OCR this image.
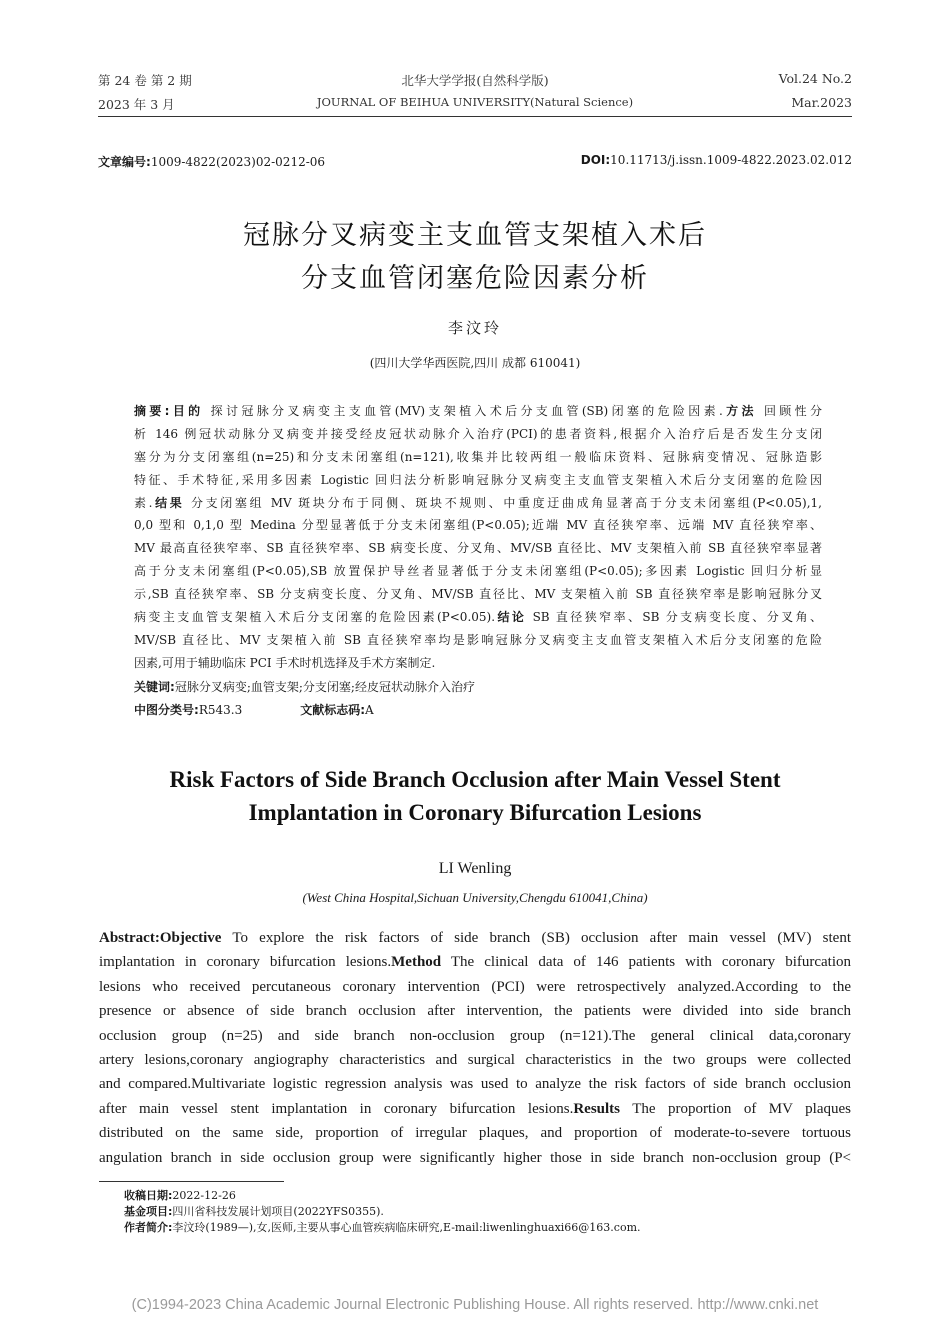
第 24 卷 第 2 期
2023 年 3 月
北华大学学报(自然科学版)
JOURNAL OF BEIHUA UNIVERSITY(Natural Science)
Vol.24 No.2
Mar.2023
文章编号:1009-4822(2023)02-0212-06	DOI:10.11713/j.issn.1009-4822.2023.02.012
冠脉分叉病变主支血管支架植入术后
分支血管闭塞危险因素分析
李汶玲
(四川大学华西医院,四川 成都 610041)
摘要:目的 探讨冠脉分叉病变主支血管(MV)支架植入术后分支血管(SB)闭塞的危险因素.方法 回顾性分
析 146 例冠状动脉分叉病变并接受经皮冠状动脉介入治疗(PCI)的患者资料,根据介入治疗后是否发生分支闭
塞分为分支闭塞组(n=25)和分支未闭塞组(n=121),收集并比较两组一般临床资料、冠脉病变情况、冠脉造影
特征、手术特征,采用多因素 Logistic 回归法分析影响冠脉分叉病变主支血管支架植入术后分支闭塞的危险因
素.结果 分支闭塞组 MV 斑块分布于同侧、斑块不规则、中重度迂曲成角显著高于分支未闭塞组(P<0.05),1,
0,0 型和 0,1,0 型 Medina 分型显著低于分支未闭塞组(P<0.05);近端 MV 直径狭窄率、远端 MV 直径狭窄率、
MV 最高直径狭窄率、SB 直径狭窄率、SB 病变长度、分叉角、MV/SB 直径比、MV 支架植入前 SB 直径狭窄率显著
高于分支未闭塞组(P<0.05),SB 放置保护导丝者显著低于分支未闭塞组(P<0.05);多因素 Logistic 回归分析显
示,SB 直径狭窄率、SB 分支病变长度、分叉角、MV/SB 直径比、MV 支架植入前 SB 直径狭窄率是影响冠脉分叉
病变主支血管支架植入术后分支闭塞的危险因素(P<0.05).结论 SB 直径狭窄率、SB 分支病变长度、分叉角、
MV/SB 直径比、MV 支架植入前 SB 直径狭窄率均是影响冠脉分叉病变主支血管支架植入术后分支闭塞的危险
因素,可用于辅助临床 PCI 手术时机选择及手术方案制定.
关键词:冠脉分叉病变;血管支架;分支闭塞;经皮冠状动脉介入治疗
中图分类号:R543.3	文献标志码:A
Risk Factors of Side Branch Occlusion after Main Vessel Stent
Implantation in Coronary Bifurcation Lesions
LI Wenling
(West China Hospital,Sichuan University,Chengdu 610041,China)
Abstract:Objective To explore the risk factors of side branch (SB) occlusion after main vessel (MV) stent
implantation in coronary bifurcation lesions.Method The clinical data of 146 patients with coronary bifurcation
lesions who received percutaneous coronary intervention (PCI) were retrospectively analyzed.According to the
presence or absence of side branch occlusion after intervention, the patients were divided into side branch
occlusion group (n=25) and side branch non-occlusion group (n=121).The general clinical data,coronary
artery lesions,coronary angiography characteristics and surgical characteristics in the two groups were collected
and compared.Multivariate logistic regression analysis was used to analyze the risk factors of side branch occlusion
after main vessel stent implantation in coronary bifurcation lesions.Results The proportion of MV plaques
distributed on the same side, proportion of irregular plaques, and proportion of moderate-to-severe tortuous
angulation branch in side occlusion group were significantly higher those in side branch non-occlusion group (P<
收稿日期:2022-12-26
基金项目:四川省科技发展计划项目(2022YFS0355).
作者简介:李汶玲(1989—),女,医师,主要从事心血管疾病临床研究,E-mail:liwenlinghuaxi66@163.com.
(C)1994-2023 China Academic Journal Electronic Publishing House. All rights reserved. http://www.cnki.net
